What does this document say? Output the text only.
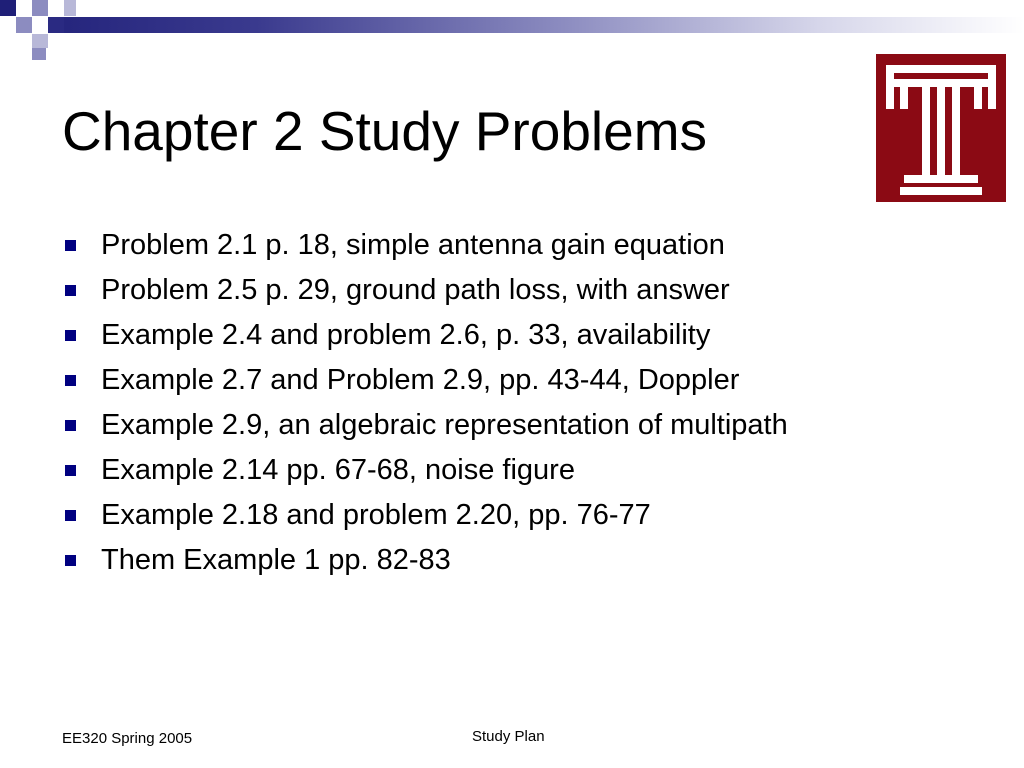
Chapter 2 Study Problems
Problem 2.1 p. 18, simple antenna gain equation
Problem 2.5 p. 29, ground path loss, with answer
Example 2.4 and problem 2.6, p. 33, availability
Example 2.7 and Problem 2.9, pp. 43-44, Doppler
Example 2.9, an algebraic representation of multipath
Example 2.14 pp. 67-68, noise figure
Example 2.18 and problem 2.20, pp. 76-77
Them Example 1 pp. 82-83
EE320 Spring 2005	Study Plan
